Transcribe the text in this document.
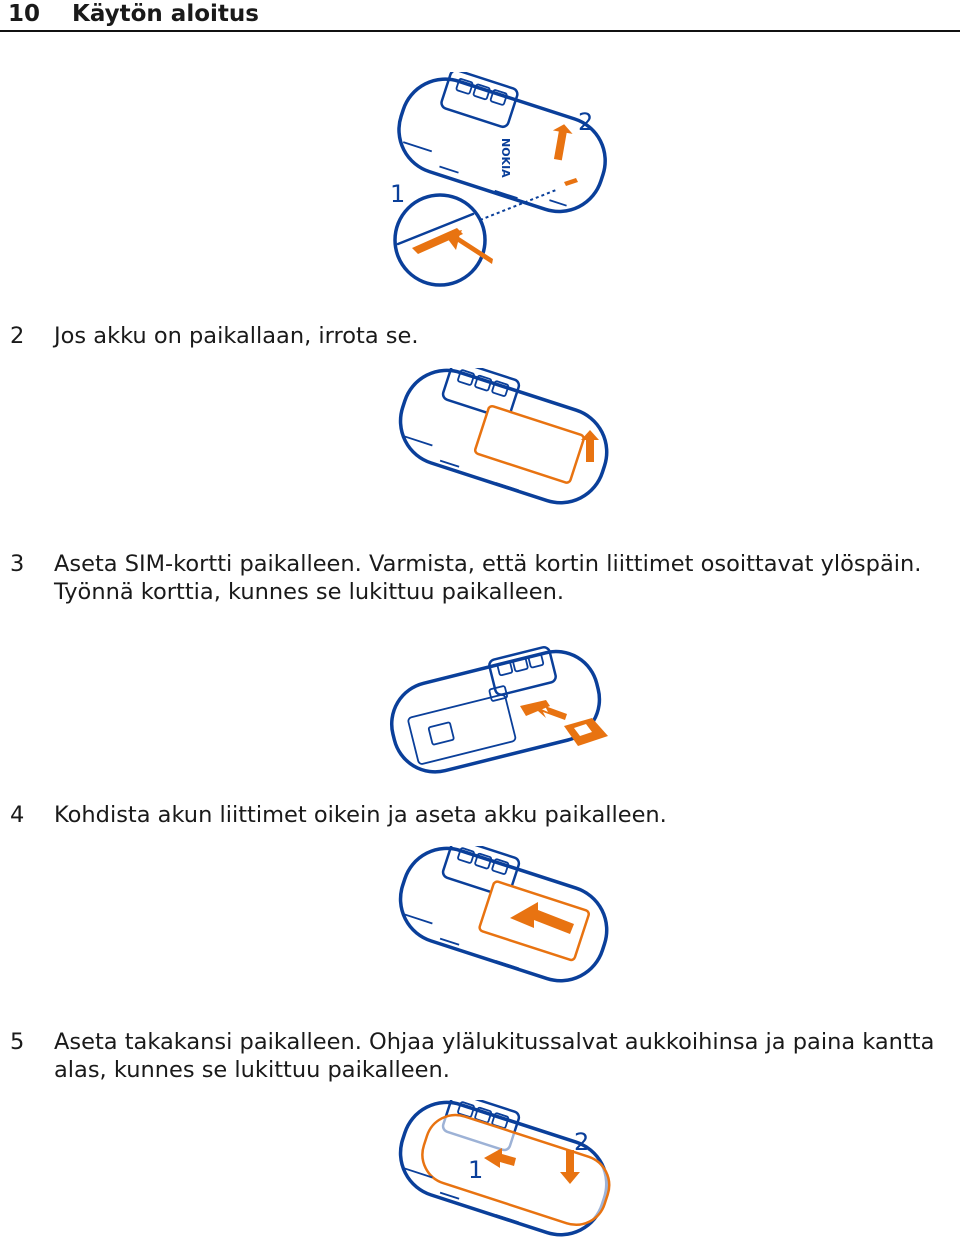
10 Käytön aloitus
NOKIA
2
1
2 Jos akku on paikallaan, irrota se.
3 Aseta SIM-kortti paikalleen. Varmista, että kortin liittimet osoittavat ylöspäin.
Työnnä korttia, kunnes se lukittuu paikalleen.
4 Kohdista akun liittimet oikein ja aseta akku paikalleen.
5 Aseta takakansi paikalleen. Ohjaa ylälukitussalvat aukkoihinsa ja paina kantta
alas, kunnes se lukittuu paikalleen.
1
2
